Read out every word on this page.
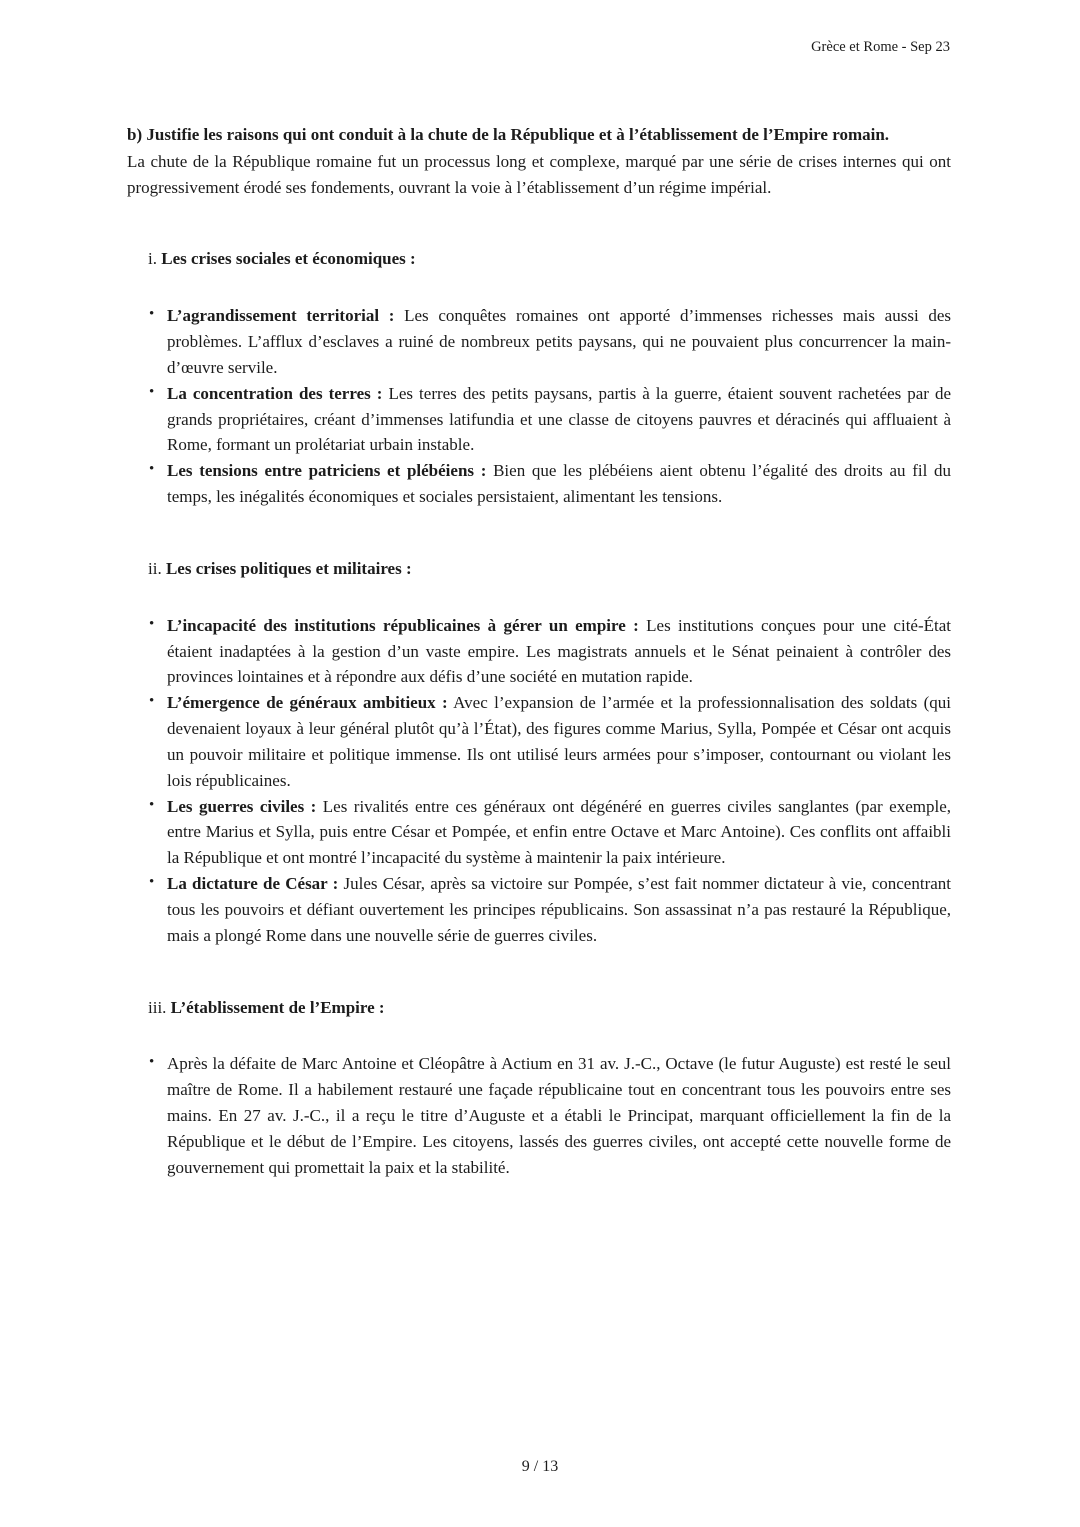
Grèce et Rome - Sep 23

b) Justifie les raisons qui ont conduit à la chute de la République et à l’établissement de l’Empire romain.

La chute de la République romaine fut un processus long et complexe, marqué par une série de crises internes qui ont progressivement érodé ses fondements, ouvrant la voie à l’établissement d’un régime impérial.

i. Les crises sociales et économiques :
• L’agrandissement territorial : Les conquêtes romaines ont apporté d’immenses richesses mais aussi des problèmes. L’afflux d’esclaves a ruiné de nombreux petits paysans, qui ne pouvaient plus concurrencer la main-d’œuvre servile.
• La concentration des terres : Les terres des petits paysans, partis à la guerre, étaient souvent rachetées par de grands propriétaires, créant d’immenses latifundia et une classe de citoyens pauvres et déracinés qui affluaient à Rome, formant un prolétariat urbain instable.
• Les tensions entre patriciens et plébéiens : Bien que les plébéiens aient obtenu l’égalité des droits au fil du temps, les inégalités économiques et sociales persistaient, alimentant les tensions.
ii. Les crises politiques et militaires :
• L’incapacité des institutions républicaines à gérer un empire : Les institutions conçues pour une cité-État étaient inadaptées à la gestion d’un vaste empire. Les magistrats annuels et le Sénat peinaient à contrôler des provinces lointaines et à répondre aux défis d’une société en mutation rapide.
• L’émergence de généraux ambitieux : Avec l’expansion de l’armée et la professionnalisation des soldats (qui devenaient loyaux à leur général plutôt qu’à l’État), des figures comme Marius, Sylla, Pompée et César ont acquis un pouvoir militaire et politique immense. Ils ont utilisé leurs armées pour s’imposer, contournant ou violant les lois républicaines.
• Les guerres civiles : Les rivalités entre ces généraux ont dégénéré en guerres civiles sanglantes (par exemple, entre Marius et Sylla, puis entre César et Pompée, et enfin entre Octave et Marc Antoine). Ces conflits ont affaibli la République et ont montré l’incapacité du système à maintenir la paix intérieure.
• La dictature de César : Jules César, après sa victoire sur Pompée, s’est fait nommer dictateur à vie, concentrant tous les pouvoirs et défiant ouvertement les principes républicains. Son assassinat n’a pas restauré la République, mais a plongé Rome dans une nouvelle série de guerres civiles.
iii. L’établissement de l’Empire :
• Après la défaite de Marc Antoine et Cléopâtre à Actium en 31 av. J.-C., Octave (le futur Auguste) est resté le seul maître de Rome. Il a habilement restauré une façade républicaine tout en concentrant tous les pouvoirs entre ses mains. En 27 av. J.-C., il a reçu le titre d’Auguste et a établi le Principat, marquant officiellement la fin de la République et le début de l’Empire. Les citoyens, lassés des guerres civiles, ont accepté cette nouvelle forme de gouvernement qui promettait la paix et la stabilité.
9 / 13
